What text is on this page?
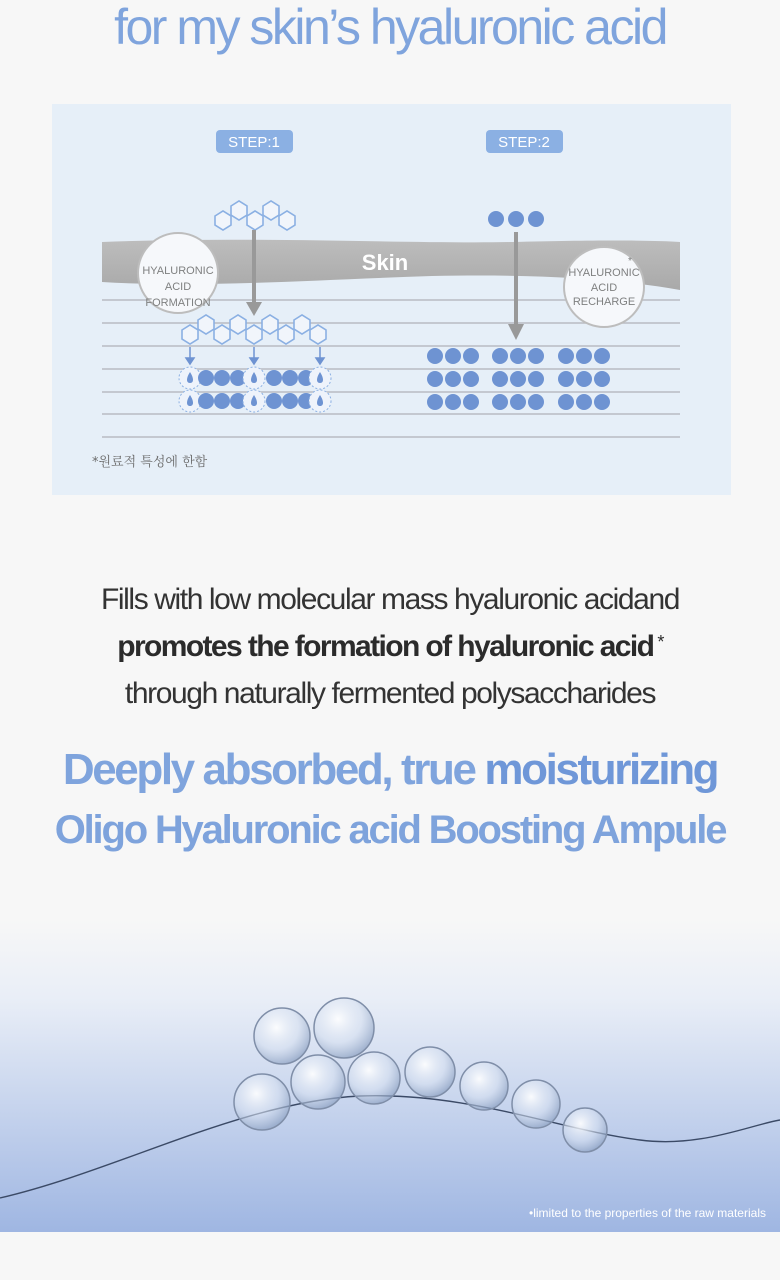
for my skin’s hyaluronic acid
Skin
STEP:1	STEP:2
HYALURONIC
ACID
FORMATION
*
HYALURONIC
ACID
RECHARGE
*원료적 특성에 한함
Fills with low molecular mass hyaluronic acidand
promotes the formation of hyaluronic acid *
through naturally fermented polysaccharides
Deeply absorbed, true moisturizing
Oligo Hyaluronic acid Boosting Ampule
•limited to the properties of the raw materials
